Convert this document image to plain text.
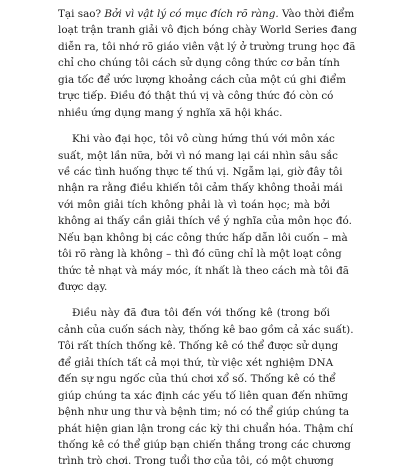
Tại sao? Bởi vì vật lý có mục đích rõ ràng. Vào thời điểm
loạt trận tranh giải vô địch bóng chày World Series đang
diễn ra, tôi nhớ rõ giáo viên vật lý ở trường trung học đã
chỉ cho chúng tôi cách sử dụng công thức cơ bản tính
gia tốc để ước lượng khoảng cách của một cú ghi điểm
trực tiếp. Điều đó thật thú vị và công thức đó còn có
nhiều ứng dụng mang ý nghĩa xã hội khác.
Khi vào đại học, tôi vô cùng hứng thú với môn xác
suất, một lần nữa, bởi vì nó mang lại cái nhìn sâu sắc
về các tình huống thực tế thú vị. Ngẫm lại, giờ đây tôi
nhận ra rằng điều khiến tôi cảm thấy không thoải mái
với môn giải tích không phải là vì toán học; mà bởi
không ai thấy cần giải thích về ý nghĩa của môn học đó.
Nếu bạn không bị các công thức hấp dẫn lôi cuốn – mà
tôi rõ ràng là không – thì đó cũng chỉ là một loạt công
thức tẻ nhạt và máy móc, ít nhất là theo cách mà tôi đã
được dạy.
Điều này đã đưa tôi đến với thống kê (trong bối
cảnh của cuốn sách này, thống kê bao gồm cả xác suất).
Tôi rất thích thống kê. Thống kê có thể được sử dụng
để giải thích tất cả mọi thứ, từ việc xét nghiệm DNA
đến sự ngu ngốc của thú chơi xổ số. Thống kê có thể
giúp chúng ta xác định các yếu tố liên quan đến những
bệnh như ung thư và bệnh tim; nó có thể giúp chúng ta
phát hiện gian lận trong các kỳ thi chuẩn hóa. Thậm chí
thống kê có thể giúp bạn chiến thắng trong các chương
trình trò chơi. Trong tuổi thơ của tôi, có một chương
